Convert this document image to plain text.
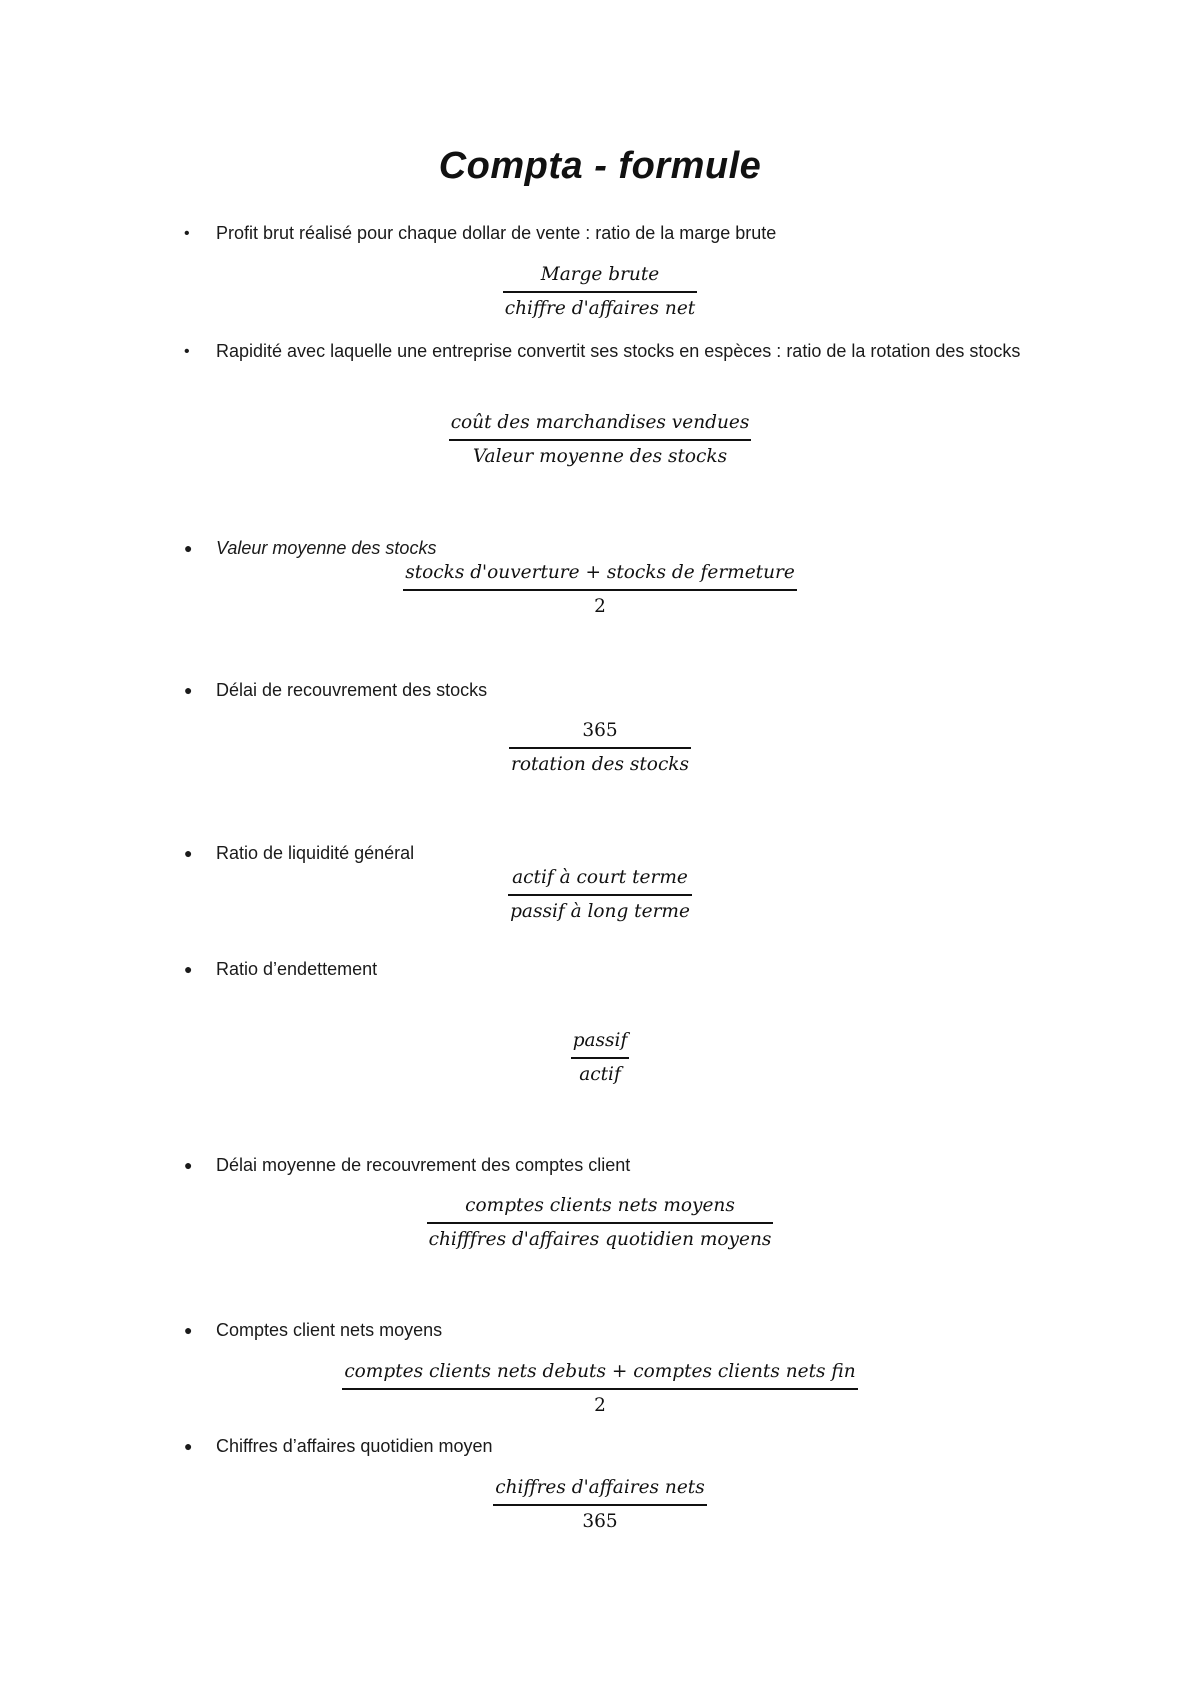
Compta - formule
• Profit brut réalisé pour chaque dollar de vente : ratio de la marge brute
$\frac{\text{Marge brute}}{\text{chiffre d'affaires net}}$
• Rapidité avec laquelle une entreprise convertit ses stocks en espèces : ratio de la rotation des stocks
$\frac{\text{coût des marchandises vendues}}{\text{Valeur moyenne des stocks}}$
● Valeur moyenne des stocks
$\frac{\text{stocks d'ouverture + stocks de fermeture}}{2}$
● Délai de recouvrement des stocks
$\frac{365}{\text{rotation des stocks}}$
● Ratio de liquidité général
$\frac{\text{actif à court terme}}{\text{passif à long terme}}$
● Ratio d’endettement
$\frac{\text{passif}}{\text{actif}}$
● Délai moyenne de recouvrement des comptes client
$\frac{\text{comptes clients nets moyens}}{\text{chifffres d'affaires quotidien moyens}}$
● Comptes client nets moyens
$\frac{\text{comptes clients nets debuts + comptes clients nets fin}}{2}$
● Chiffres d’affaires quotidien moyen
$\frac{\text{chiffres d'affaires nets}}{365}$
